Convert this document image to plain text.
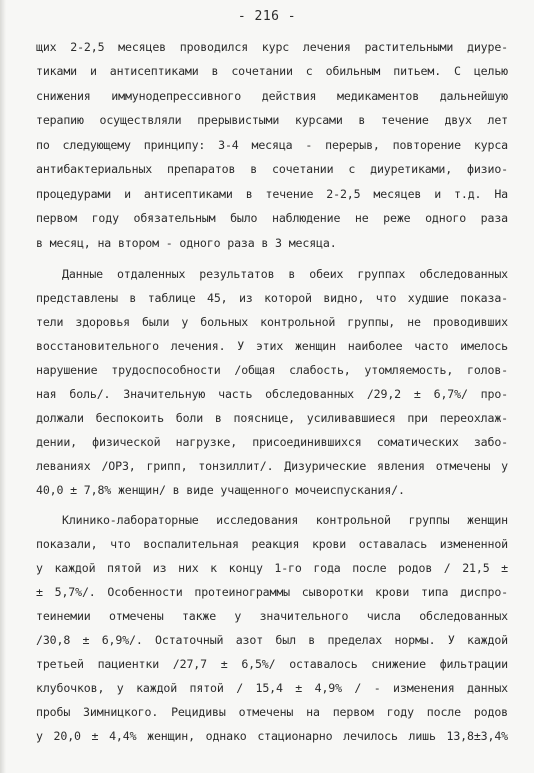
- 216 -
щих 2-2,5 месяцев проводился курс лечения растительными диуре-
тиками и антисептиками в сочетании с обильным питьем. С целью
снижения иммунодепрессивного действия медикаментов дальнейшую
терапию осуществляли прерывистыми курсами в течение двух лет
по следующему принципу: 3-4 месяца - перерыв, повторение курса
антибактериальных препаратов в сочетании с диуретиками, физио-
процедурами и антисептиками в течение 2-2,5 месяцев и т.д. На
первом году обязательным было наблюдение не реже одного раза
в месяц, на втором - одного раза в 3 месяца.
Данные отдаленных результатов в обеих группах обследованных
представлены в таблице 45, из которой видно, что худшие показа-
тели здоровья были у больных контрольной группы, не проводивших
восстановительного лечения. У этих женщин наиболее часто имелось
нарушение трудоспособности /общая слабость, утомляемость, голов-
ная боль/. Значительную часть обследованных /29,2 ± 6,7%/ про-
должали беспокоить боли в пояснице, усиливавшиеся при переохлаж-
дении, физической нагрузке, присоединившихся соматических забо-
леваниях /ОРЗ, грипп, тонзиллит/. Дизурические явления отмечены у
40,0 ± 7,8% женщин/ в виде учащенного мочеиспускания/.
Клинико-лабораторные исследования контрольной группы женщин
показали, что воспалительная реакция крови оставалась измененной
у каждой пятой из них к концу 1-го года после родов / 21,5 ±
± 5,7%/. Особенности протеинограммы сыворотки крови типа диспро-
теинемии отмечены также у значительного числа обследованных
/30,8 ± 6,9%/. Остаточный азот был в пределах нормы. У каждой
третьей пациентки /27,7 ± 6,5%/ оставалось снижение фильтрации
клубочков, у каждой пятой / 15,4 ± 4,9% / - изменения данных
пробы Зимницкого. Рецидивы отмечены на первом году после родов
у 20,0 ± 4,4% женщин, однако стационарно лечилось лишь 13,8±3,4%
